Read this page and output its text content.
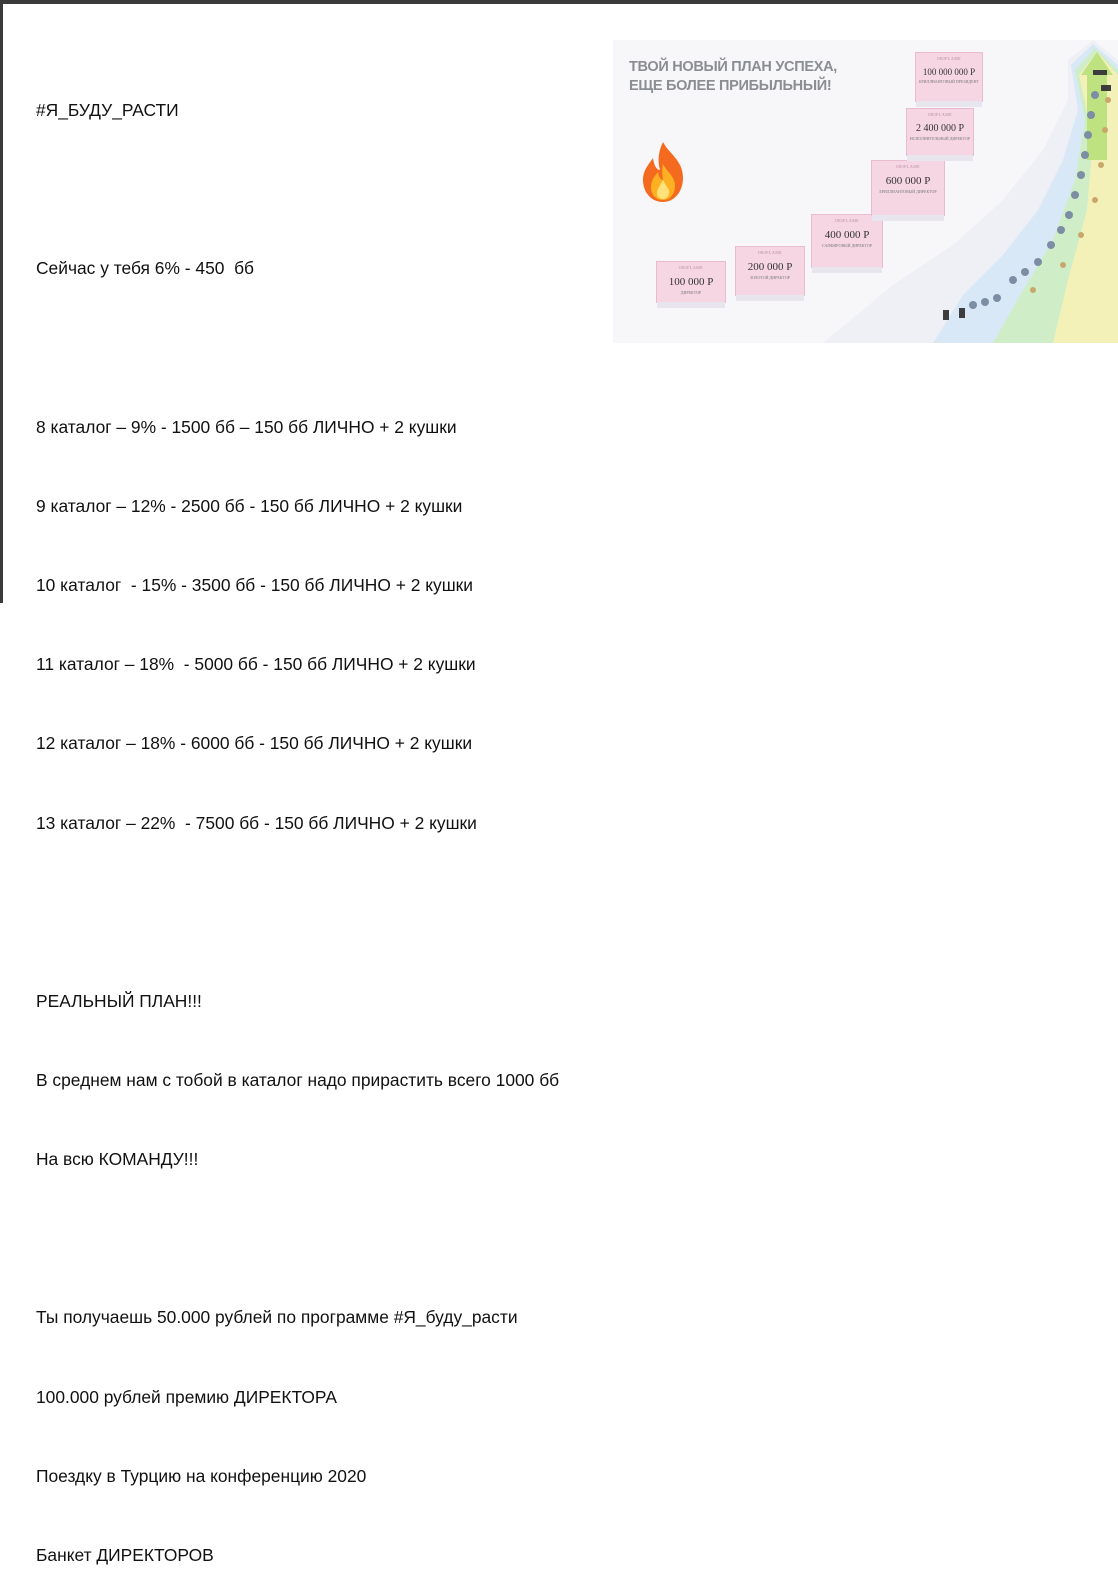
#Я_БУДУ_РАСТИ

Сейчас у тебя 6% - 450  бб

8 каталог – 9% - 1500 бб – 150 бб ЛИЧНО + 2 кушки

9 каталог – 12% - 2500 бб - 150 бб ЛИЧНО + 2 кушки

10 каталог  - 15% - 3500 бб - 150 бб ЛИЧНО + 2 кушки

11 каталог – 18%  - 5000 бб - 150 бб ЛИЧНО + 2 кушки

12 каталог – 18% - 6000 бб - 150 бб ЛИЧНО + 2 кушки

13 каталог – 22%  - 7500 бб - 150 бб ЛИЧНО + 2 кушки

РЕАЛЬНЫЙ ПЛАН!!!

В среднем нам с тобой в каталог надо прирастить всего 1000 бб

На всю КОМАНДУ!!!

Ты получаешь 50.000 рублей по программе #Я_буду_расти

100.000 рублей премию ДИРЕКТОРА

Поездку в Турцию на конференцию 2020

Банкет ДИРЕКТОРОВ

ТВОЙ НОВЫЙ ПЛАН УСПЕХА,
ЕЩЕ БОЛЕЕ ПРИБЫЛЬНЫЙ!
ORIFLAME
100 000 Р
ДИРЕКТОР
ORIFLAME
200 000 Р
ЗОЛОТОЙ ДИРЕКТОР
ORIFLAME
400 000 Р
САПФИРОВЫЙ ДИРЕКТОР
ORIFLAME
600 000 Р
БРИЛЛИАНТОВЫЙ ДИРЕКТОР
ORIFLAME
2 400 000 Р
ИСПОЛНИТЕЛЬНЫЙ ДИРЕКТОР
ORIFLAME
100 000 000 Р
БРИЛЛИАНТОВЫЙ ПРЕЗИДЕНТ
